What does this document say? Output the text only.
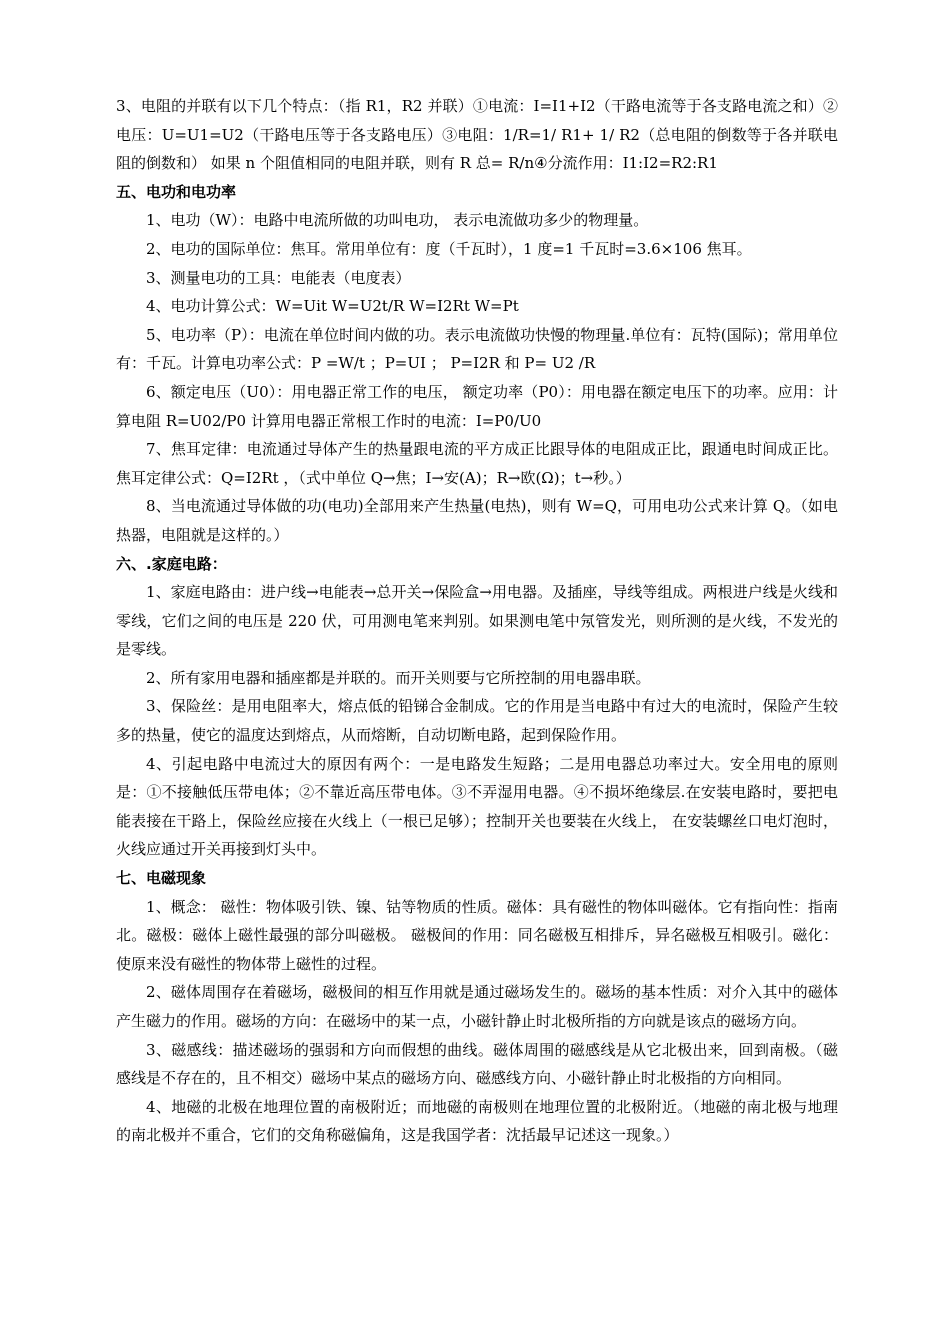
3、电阻的并联有以下几个特点：（指 R1，R2 并联）①电流：I=I1+I2（干路电流等于各支路电流之和）②电压：U=U1=U2（干路电压等于各支路电压）③电阻：1/R=1/ R1+ 1/ R2（总电阻的倒数等于各并联电阻的倒数和） 如果 n 个阻值相同的电阻并联，则有 R 总= R/n④分流作用：I1:I2=R2:R1

五、电功和电功率

1、电功（W）：电路中电流所做的功叫电功， 表示电流做功多少的物理量。

2、电功的国际单位：焦耳。常用单位有：度（千瓦时），1 度=1 千瓦时=3.6×106 焦耳。

3、测量电功的工具：电能表（电度表）

4、电功计算公式：W=Uit W=U2t/R W=I2Rt W=Pt

5、电功率（P）：电流在单位时间内做的功。表示电流做功快慢的物理量.单位有：瓦特(国际)；常用单位有：千瓦。计算电功率公式：P =W/t ；P=UI ； P=I2R 和 P= U2 /R

6、额定电压（U0）：用电器正常工作的电压， 额定功率（P0）：用电器在额定电压下的功率。应用：计算电阻 R=U02/P0 计算用电器正常根工作时的电流：I=P0/U0

7、焦耳定律：电流通过导体产生的热量跟电流的平方成正比跟导体的电阻成正比，跟通电时间成正比。焦耳定律公式：Q=I2Rt ，（式中单位 Q→焦；I→安(A)；R→欧(Ω)；t→秒。）

8、当电流通过导体做的功(电功)全部用来产生热量(电热)，则有 W=Q，可用电功公式来计算 Q。（如电热器，电阻就是这样的。）

六、.家庭电路：

1、家庭电路由：进户线→电能表→总开关→保险盒→用电器。及插座，导线等组成。两根进户线是火线和零线，它们之间的电压是 220 伏，可用测电笔来判别。如果测电笔中氖管发光，则所测的是火线，不发光的是零线。

2、所有家用电器和插座都是并联的。而开关则要与它所控制的用电器串联。

3、保险丝：是用电阻率大，熔点低的铅锑合金制成。它的作用是当电路中有过大的电流时，保险产生较多的热量，使它的温度达到熔点，从而熔断，自动切断电路，起到保险作用。

4、引起电路中电流过大的原因有两个：一是电路发生短路；二是用电器总功率过大。安全用电的原则是：①不接触低压带电体；②不靠近高压带电体。③不弄湿用电器。④不损坏绝缘层.在安装电路时，要把电能表接在干路上，保险丝应接在火线上（一根已足够）；控制开关也要装在火线上， 在安装螺丝口电灯泡时，火线应通过开关再接到灯头中。

七、电磁现象

1、概念： 磁性：物体吸引铁、镍、钴等物质的性质。磁体：具有磁性的物体叫磁体。它有指向性：指南北。磁极：磁体上磁性最强的部分叫磁极。 磁极间的作用：同名磁极互相排斥，异名磁极互相吸引。磁化：使原来没有磁性的物体带上磁性的过程。

2、磁体周围存在着磁场，磁极间的相互作用就是通过磁场发生的。磁场的基本性质：对介入其中的磁体产生磁力的作用。磁场的方向：在磁场中的某一点，小磁针静止时北极所指的方向就是该点的磁场方向。

3、磁感线：描述磁场的强弱和方向而假想的曲线。磁体周围的磁感线是从它北极出来，回到南极。（磁感线是不存在的，且不相交）磁场中某点的磁场方向、磁感线方向、小磁针静止时北极指的方向相同。

4、地磁的北极在地理位置的南极附近；而地磁的南极则在地理位置的北极附近。（地磁的南北极与地理的南北极并不重合，它们的交角称磁偏角，这是我国学者：沈括最早记述这一现象。）
